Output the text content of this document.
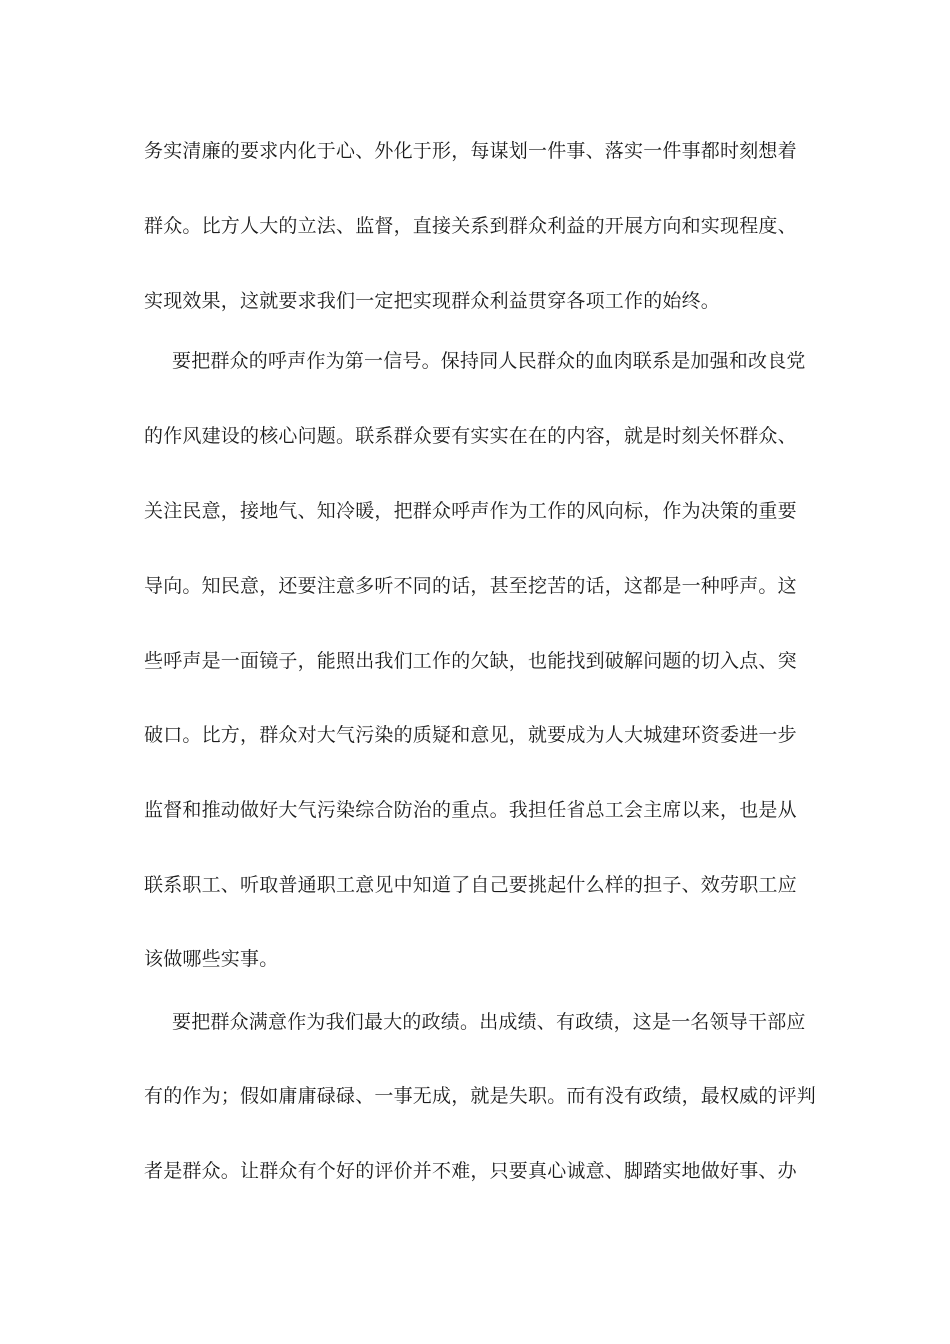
务实清廉的要求内化于心、外化于形，每谋划一件事、落实一件事都时刻想着
群众。比方人大的立法、监督，直接关系到群众利益的开展方向和实现程度、
实现效果，这就要求我们一定把实现群众利益贯穿各项工作的始终。
要把群众的呼声作为第一信号。保持同人民群众的血肉联系是加强和改良党
的作风建设的核心问题。联系群众要有实实在在的内容，就是时刻关怀群众、
关注民意，接地气、知冷暖，把群众呼声作为工作的风向标，作为决策的重要
导向。知民意，还要注意多听不同的话，甚至挖苦的话，这都是一种呼声。这
些呼声是一面镜子，能照出我们工作的欠缺，也能找到破解问题的切入点、突
破口。比方，群众对大气污染的质疑和意见，就要成为人大城建环资委进一步
监督和推动做好大气污染综合防治的重点。我担任省总工会主席以来，也是从
联系职工、听取普通职工意见中知道了自己要挑起什么样的担子、效劳职工应
该做哪些实事。
要把群众满意作为我们最大的政绩。出成绩、有政绩，这是一名领导干部应
有的作为；假如庸庸碌碌、一事无成，就是失职。而有没有政绩，最权威的评判
者是群众。让群众有个好的评价并不难，只要真心诚意、脚踏实地做好事、办
